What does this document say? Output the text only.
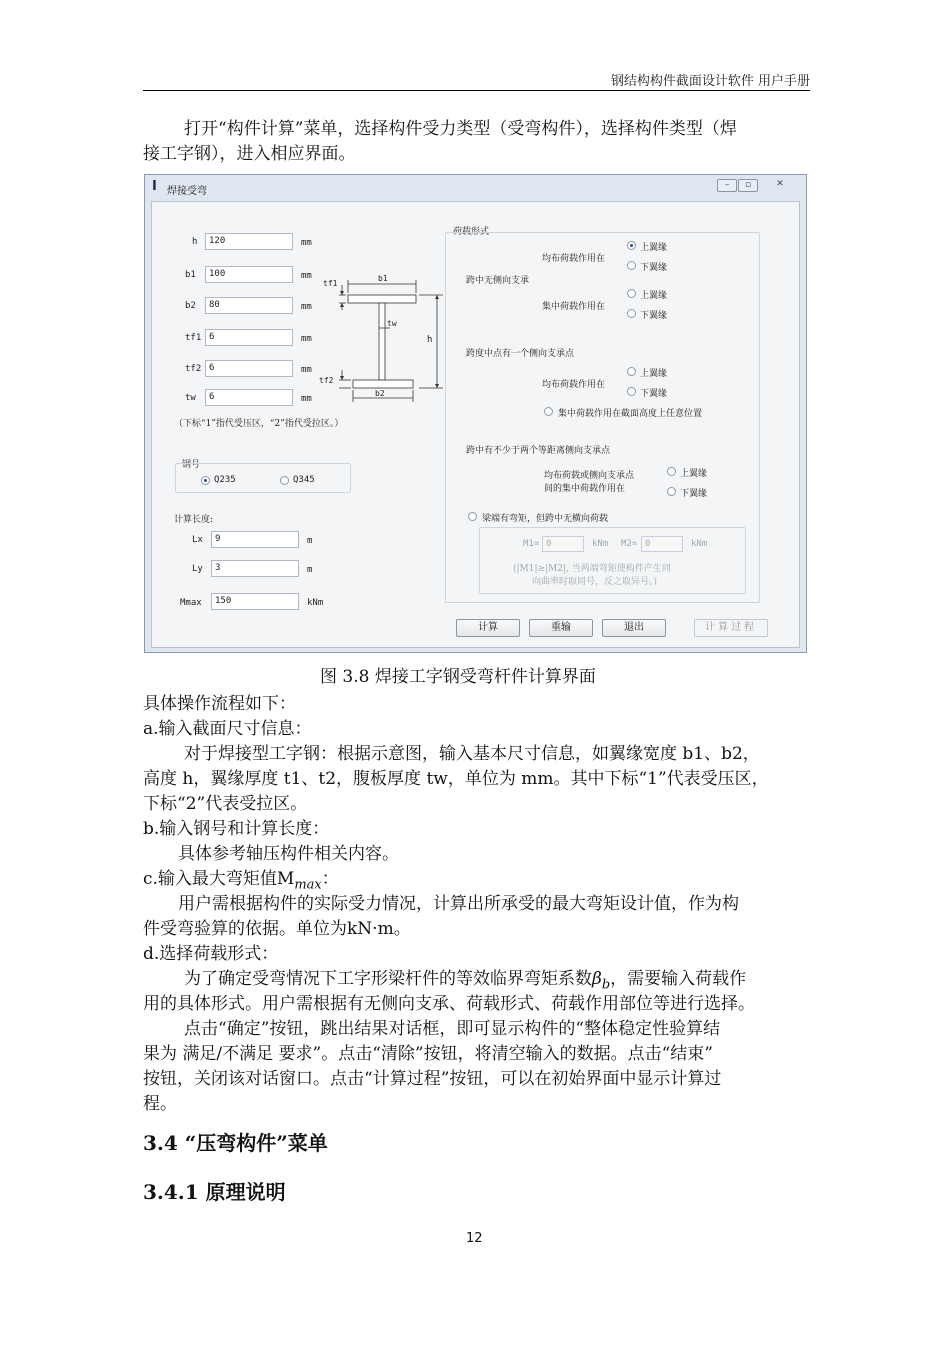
钢结构构件截面设计软件 用户手册
打开“构件计算”菜单，选择构件受力类型（受弯构件），选择构件类型（焊
接工字钢），进入相应界面。
I 焊接受弯
–	▫	✕
h	120	mm
b1	100	mm
b2	80	mm
tf1 6	mm
tf2 6	mm
tw	6	mm
（下标“1”指代受压区，“2”指代受拉区。）
tf1
b1
tw
h
tf2
b2
钢号
Q235	Q345
计算长度:
Lx	9	m
Ly	3	m
Mmax	150	kNm
荷载形式
均布荷载作用在
上翼缘
下翼缘
跨中无侧向支承
集中荷载作用在
上翼缘
下翼缘
跨度中点有一个侧向支承点
均布荷载作用在
上翼缘
下翼缘
集中荷载作用在截面高度上任意位置
跨中有不少于两个等距离侧向支承点
均布荷载或侧向支承点
间的集中荷载作用在
上翼缘
下翼缘
梁端有弯矩，但跨中无横向荷载
M1= 0	kNm M2= 0	kNm
(|M1|≥|M2|, 当两端弯矩使构件产生同
向曲率时取同号，反之取异号。)
计算	重输	退出	计算过程
图 3.8 焊接工字钢受弯杆件计算界面
具体操作流程如下：
a.输入截面尺寸信息：
对于焊接型工字钢：根据示意图，输入基本尺寸信息，如翼缘宽度 b1、b2，
高度 h，翼缘厚度 t1、t2，腹板厚度 tw，单位为 mm。其中下标“1”代表受压区，
下标“2”代表受拉区。
b.输入钢号和计算长度：
具体参考轴压构件相关内容。
c.输入最大弯矩值$M_{max}$：
用户需根据构件的实际受力情况，计算出所承受的最大弯矩设计值，作为构
件受弯验算的依据。单位为kN·m。
d.选择荷载形式：
为了确定受弯情况下工字形梁杆件的等效临界弯矩系数$\beta_b$，需要输入荷载作
用的具体形式。用户需根据有无侧向支承、荷载形式、荷载作用部位等进行选择。
点击“确定”按钮，跳出结果对话框，即可显示构件的“整体稳定性验算结
果为 满足/不满足 要求”。点击“清除”按钮，将清空输入的数据。点击“结束”
按钮，关闭该对话窗口。点击“计算过程”按钮，可以在初始界面中显示计算过
程。
3.4 “压弯构件”菜单
3.4.1 原理说明
12
